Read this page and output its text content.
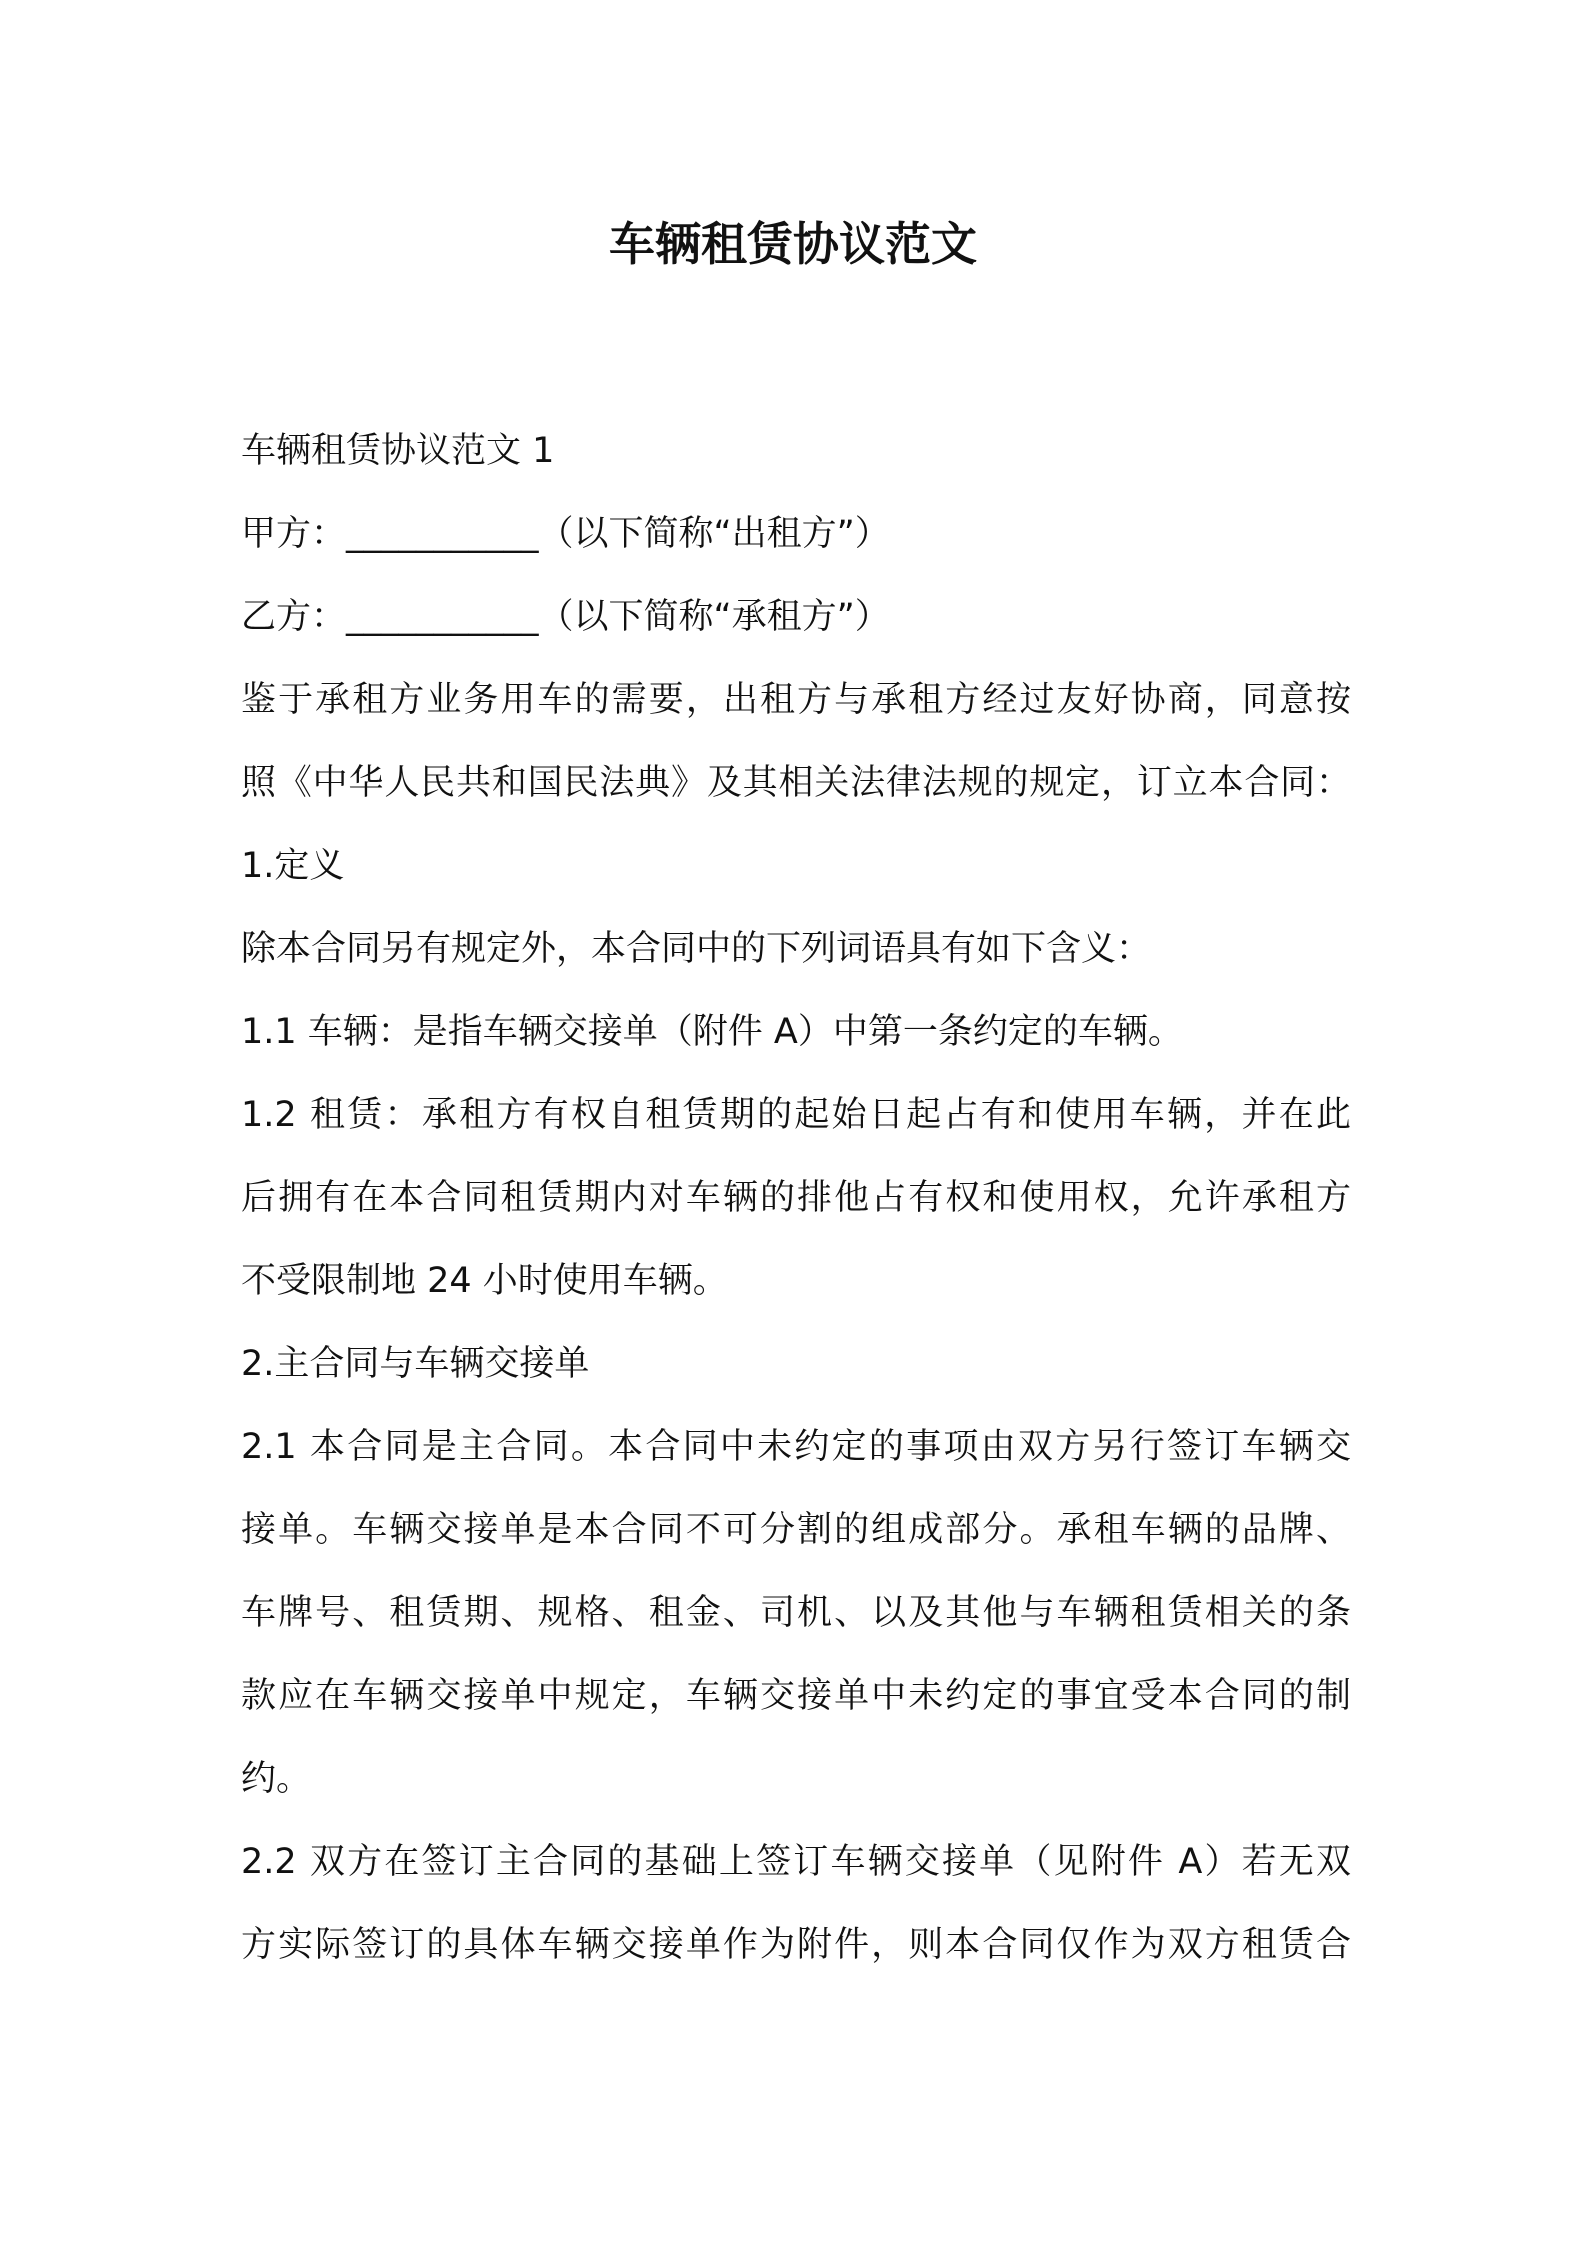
车辆租赁协议范文

车辆租赁协议范文 1

甲方：___________（以下简称“出租方”）

乙方：___________（以下简称“承租方”）

鉴于承租方业务用车的需要，出租方与承租方经过友好协商，同意按

照《中华人民共和国民法典》及其相关法律法规的规定，订立本合同：

1.定义

除本合同另有规定外，本合同中的下列词语具有如下含义：

1.1 车辆：是指车辆交接单（附件 A）中第一条约定的车辆。

1.2 租赁：承租方有权自租赁期的起始日起占有和使用车辆，并在此

后拥有在本合同租赁期内对车辆的排他占有权和使用权，允许承租方

不受限制地 24 小时使用车辆。

2.主合同与车辆交接单

2.1 本合同是主合同。本合同中未约定的事项由双方另行签订车辆交

接单。车辆交接单是本合同不可分割的组成部分。承租车辆的品牌、

车牌号、租赁期、规格、租金、司机、以及其他与车辆租赁相关的条

款应在车辆交接单中规定，车辆交接单中未约定的事宜受本合同的制

约。

2.2 双方在签订主合同的基础上签订车辆交接单（见附件 A）若无双

方实际签订的具体车辆交接单作为附件，则本合同仅作为双方租赁合
